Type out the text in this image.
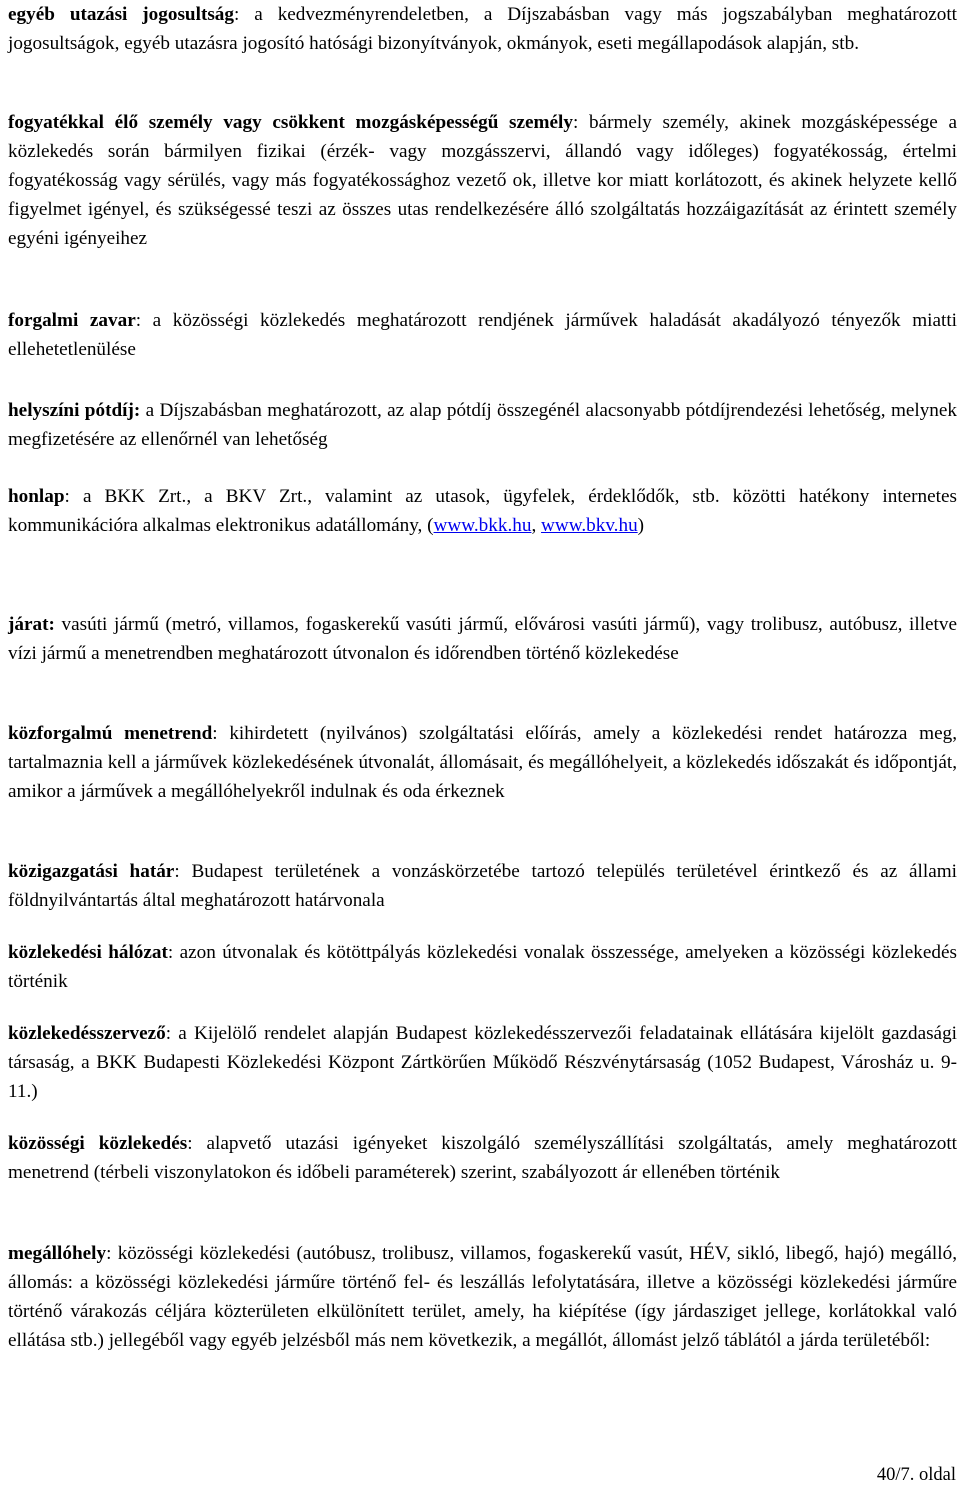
egyéb utazási jogosultság: a kedvezményrendeletben, a Díjszabásban vagy más jogszabályban meghatározott jogosultságok, egyéb utazásra jogosító hatósági bizonyítványok, okmányok, eseti megállapodások alapján, stb.

fogyatékkal élő személy vagy csökkent mozgásképességű személy: bármely személy, akinek mozgásképessége a közlekedés során bármilyen fizikai (érzék- vagy mozgásszervi, állandó vagy időleges) fogyatékosság, értelmi fogyatékosság vagy sérülés, vagy más fogyatékossághoz vezető ok, illetve kor miatt korlátozott, és akinek helyzete kellő figyelmet igényel, és szükségessé teszi az összes utas rendelkezésére álló szolgáltatás hozzáigazítását az érintett személy egyéni igényeihez

forgalmi zavar: a közösségi közlekedés meghatározott rendjének járművek haladását akadályozó tényezők miatti ellehetetlenülése

helyszíni pótdíj: a Díjszabásban meghatározott, az alap pótdíj összegénél alacsonyabb pótdíjrendezési lehetőség, melynek megfizetésére az ellenőrnél van lehetőség

honlap: a BKK Zrt., a BKV Zrt., valamint az utasok, ügyfelek, érdeklődők, stb. közötti hatékony internetes kommunikációra alkalmas elektronikus adatállomány, (www.bkk.hu, www.bkv.hu)

járat: vasúti jármű (metró, villamos, fogaskerekű vasúti jármű, elővárosi vasúti jármű), vagy trolibusz, autóbusz, illetve vízi jármű a menetrendben meghatározott útvonalon és időrendben történő közlekedése

közforgalmú menetrend: kihirdetett (nyilvános) szolgáltatási előírás, amely a közlekedési rendet határozza meg, tartalmaznia kell a járművek közlekedésének útvonalát, állomásait, és megállóhelyeit, a közlekedés időszakát és időpontját, amikor a járművek a megállóhelyekről indulnak és oda érkeznek

közigazgatási határ: Budapest területének a vonzáskörzetébe tartozó település területével érintkező és az állami földnyilvántartás által meghatározott határvonala

közlekedési hálózat: azon útvonalak és kötöttpályás közlekedési vonalak összessége, amelyeken a közösségi közlekedés történik

közlekedésszervező: a Kijelölő rendelet alapján Budapest közlekedésszervezői feladatainak ellátására kijelölt gazdasági társaság, a BKK Budapesti Közlekedési Központ Zártkörűen Működő Részvénytársaság (1052 Budapest, Városház u. 9-11.)

közösségi közlekedés: alapvető utazási igényeket kiszolgáló személyszállítási szolgáltatás, amely meghatározott menetrend (térbeli viszonylatokon és időbeli paraméterek) szerint, szabályozott ár ellenében történik

megállóhely: közösségi közlekedési (autóbusz, trolibusz, villamos, fogaskerekű vasút, HÉV, sikló, libegő, hajó) megálló, állomás: a közösségi közlekedési járműre történő fel- és leszállás lefolytatására, illetve a közösségi közlekedési járműre történő várakozás céljára közterületen elkülönített terület, amely, ha kiépítése (így járdasziget jellege, korlátokkal való ellátása stb.) jellegéből vagy egyéb jelzésből más nem következik, a megállót, állomást jelző táblától a járda területéből:

40/7. oldal
